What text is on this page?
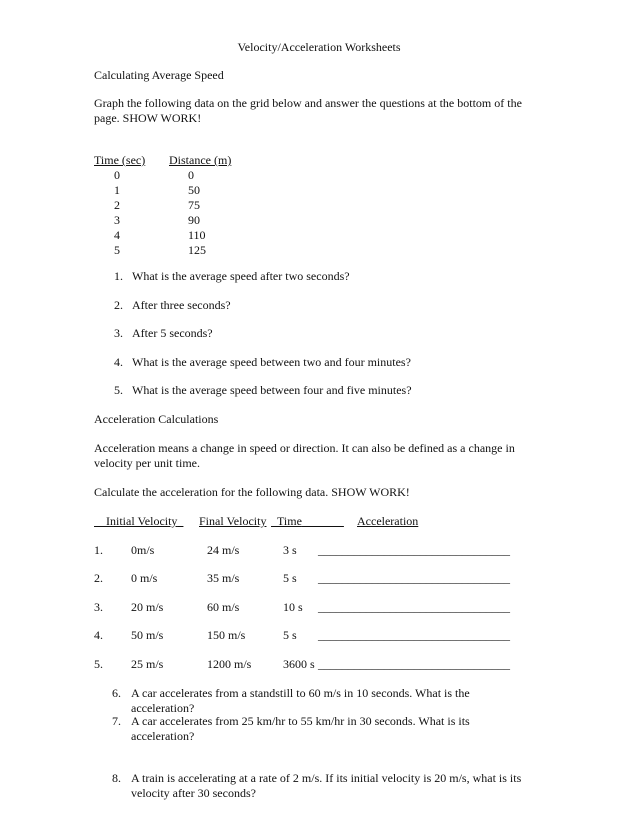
Velocity/Acceleration Worksheets
Calculating Average Speed
Graph the following data on the grid below and answer the questions at the bottom of the page. SHOW WORK!
Time (sec) Distance (m)
0	0
1	50
2	75
3	90
4	110
5	125
1. What is the average speed after two seconds?
2. After three seconds?
3. After 5 seconds?
4. What is the average speed between two and four minutes?
5. What is the average speed between four and five minutes?
Acceleration Calculations
Acceleration means a change in speed or direction. It can also be defined as a change in velocity per unit time.
Calculate the acceleration for the following data. SHOW WORK!
Initial Velocity	Final Velocity Time	Acceleration
1. 0m/s	24 m/s	3 s ________________________________
2. 0 m/s	35 m/s	5 s ________________________________
3. 20 m/s	60 m/s	10 s ________________________________
4. 50 m/s	150 m/s	5 s ________________________________
5. 25 m/s	1200 m/s	3600 s ________________________________
6. A car accelerates from a standstill to 60 m/s in 10 seconds. What is the acceleration?
7. A car accelerates from 25 km/hr to 55 km/hr in 30 seconds. What is its acceleration?
8. A train is accelerating at a rate of 2 m/s. If its initial velocity is 20 m/s, what is its velocity after 30 seconds?
